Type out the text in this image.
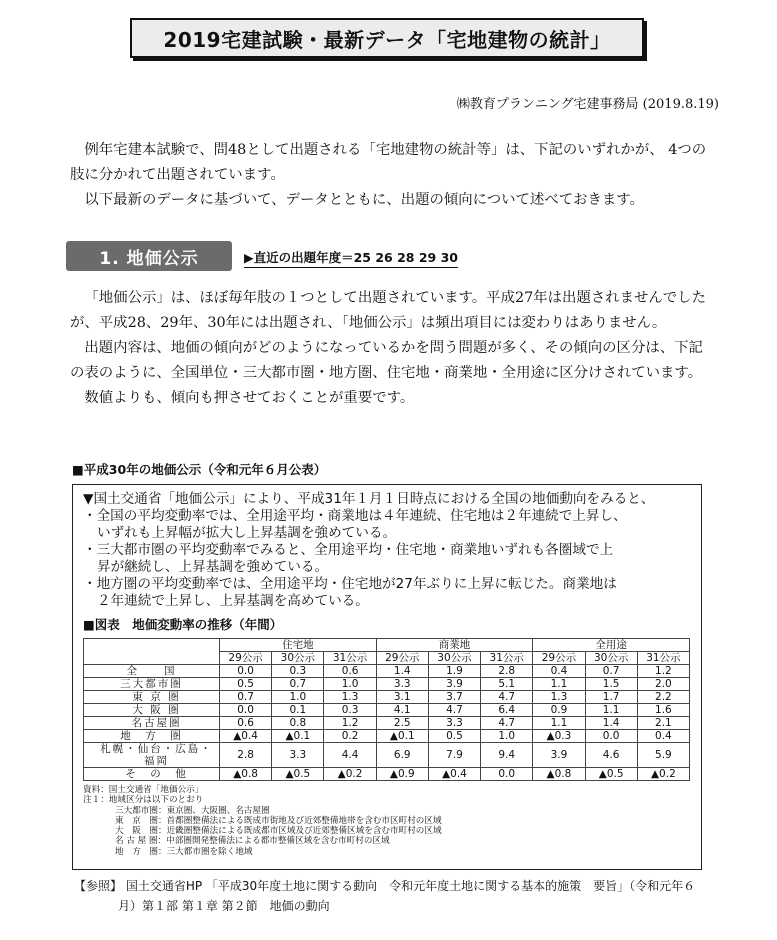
2019宅建試験・最新データ「宅地建物の統計」
㈱教育プランニング宅建事務局 (2019.8.19)

例年宅建本試験で、問48として出題される「宅地建物の統計等」は、下記のいずれかが、 4つの肢に分かれて出題されています。

以下最新のデータに基づいて、データとともに、出題の傾向について述べておきます。

1. 地価公示	▶直近の出題年度＝25 26 28 29 30

「地価公示」は、ほぼ毎年肢の１つとして出題されています。平成27年は出題されませんでしたが、平成28、29年、30年には出題され、「地価公示」は頻出項目には変わりはありません。

出題内容は、地価の傾向がどのようになっているかを問う問題が多く、その傾向の区分は、下記の表のように、全国単位・三大都市圏・地方圏、住宅地・商業地・全用途に区分けされています。

数値よりも、傾向も押させておくことが重要です。

■平成30年の地価公示（令和元年６月公表）
▼国土交通省「地価公示」により、平成31年１月１日時点における全国の地価動向をみると、
・全国の平均変動率では、全用途平均・商業地は４年連続、住宅地は２年連続で上昇し、
いずれも上昇幅が拡大し上昇基調を強めている。
・三大都市圏の平均変動率でみると、全用途平均・住宅地・商業地いずれも各圏域で上
昇が継続し、上昇基調を強めている。
・地方圏の平均変動率では、全用途平均・住宅地が27年ぶりに上昇に転じた。商業地は
２年連続で上昇し、上昇基調を高めている。
■図表　地価変動率の推移（年間）
	住宅地			商業地			全用途		
	29公示	30公示	31公示	29公示	30公示	31公示	29公示	30公示	31公示
全　　国	0.0	0.3	0.6	1.4	1.9	2.8	0.4	0.7	1.2
三大都市圏	0.5	0.7	1.0	3.3	3.9	5.1	1.1	1.5	2.0
東 京 圏	0.7	1.0	1.3	3.1	3.7	4.7	1.3	1.7	2.2
大 阪 圏	0.0	0.1	0.3	4.1	4.7	6.4	0.9	1.1	1.6
名古屋圏	0.6	0.8	1.2	2.5	3.3	4.7	1.1	1.4	2.1
地　方　圏	▲0.4	▲0.1	0.2	▲0.1	0.5	1.0	▲0.3	0.0	0.4
札幌・仙台・広島・福岡	2.8	3.3	4.4	6.9	7.9	9.4	3.9	4.6	5.9
そ　の　他	▲0.8	▲0.5	▲0.2	▲0.9	▲0.4	0.0	▲0.8	▲0.5	▲0.2
資料：国土交通省「地価公示」
注１：地域区分は以下のとおり
三大都市圏：東京圏、大阪圏、名古屋圏
東　京　圏：首都圏整備法による既成市街地及び近郊整備地帯を含む市区町村の区域
大　阪　圏：近畿圏整備法による既成都市区域及び近郊整備区域を含む市町村の区域
名 古 屋 圏：中部圏開発整備法による都市整備区域を含む市町村の区域
地　方　圏：三大都市圏を除く地域
【参照】 国土交通省HP 「平成30年度土地に関する動向　令和元年度土地に関する基本的施策　要旨」（令和元年６
月）第１部 第１章 第２節　地価の動向
